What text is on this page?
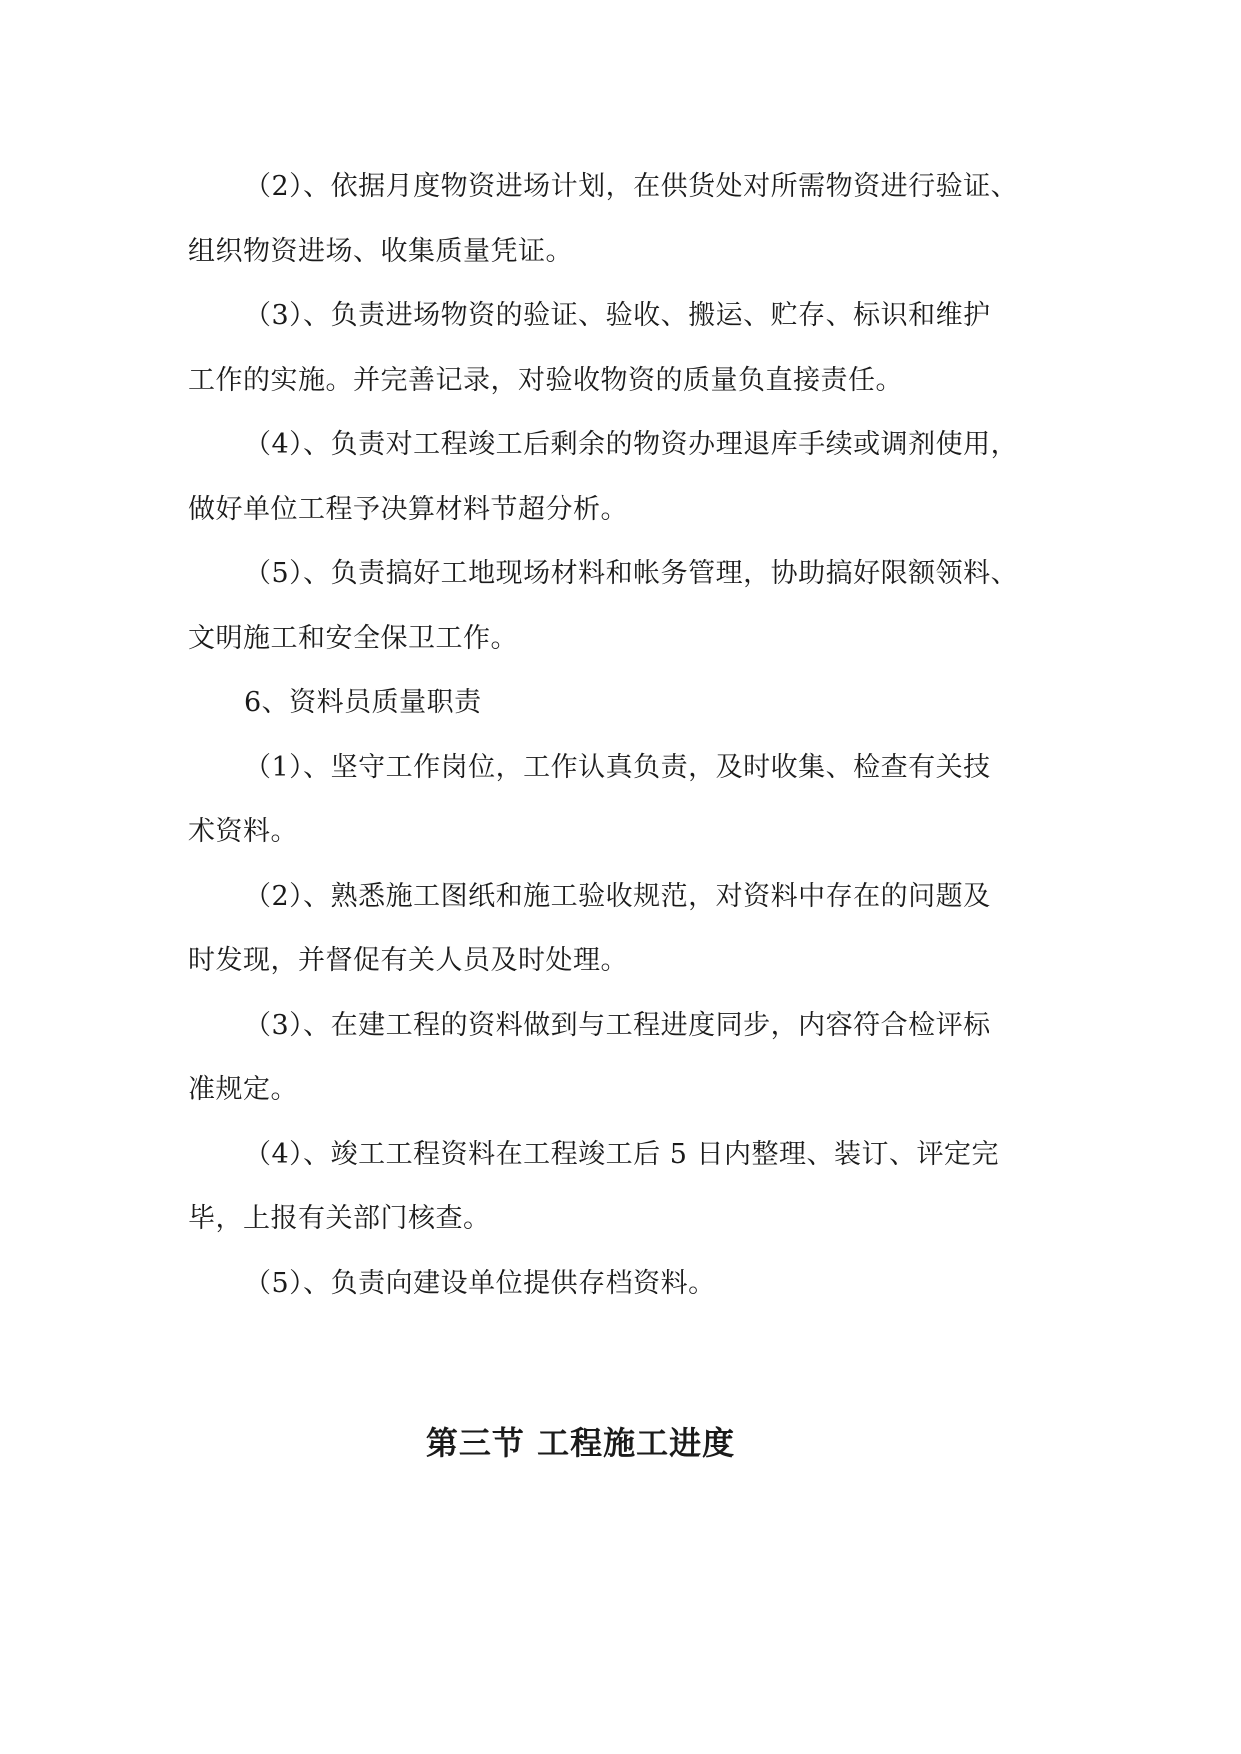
（2）、依据月度物资进场计划，在供货处对所需物资进行验证、
组织物资进场、收集质量凭证。
（3）、负责进场物资的验证、验收、搬运、贮存、标识和维护
工作的实施。并完善记录，对验收物资的质量负直接责任。
（4）、负责对工程竣工后剩余的物资办理退库手续或调剂使用，
做好单位工程予决算材料节超分析。
（5）、负责搞好工地现场材料和帐务管理，协助搞好限额领料、
文明施工和安全保卫工作。
6、资料员质量职责
（1）、坚守工作岗位，工作认真负责，及时收集、检查有关技
术资料。
（2）、熟悉施工图纸和施工验收规范，对资料中存在的问题及
时发现，并督促有关人员及时处理。
（3）、在建工程的资料做到与工程进度同步，内容符合检评标
准规定。
（4）、竣工工程资料在工程竣工后 5 日内整理、装订、评定完
毕，上报有关部门核查。
（5）、负责向建设单位提供存档资料。
第三节 工程施工进度
